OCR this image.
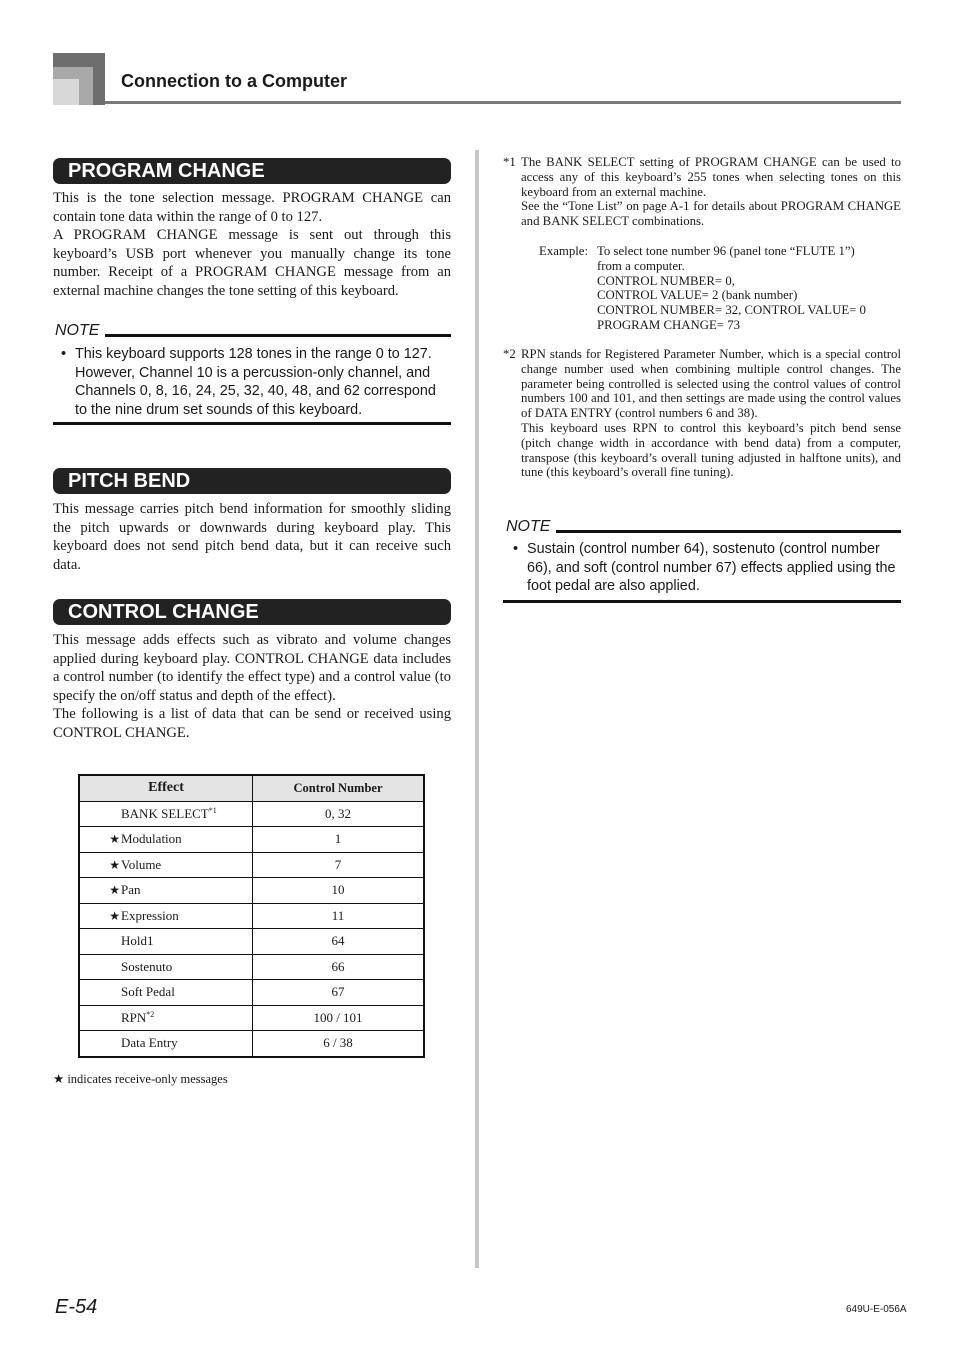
Connection to a Computer
PROGRAM CHANGE

This is the tone selection message. PROGRAM CHANGE can contain tone data within the range of 0 to 127.

A PROGRAM CHANGE message is sent out through this keyboard’s USB port whenever you manually change its tone number. Receipt of a PROGRAM CHANGE message from an external machine changes the tone setting of this keyboard.

NOTE
• This keyboard supports 128 tones in the range 0 to 127. However, Channel 10 is a percussion-only channel, and Channels 0, 8, 16, 24, 25, 32, 40, 48, and 62 correspond to the nine drum set sounds of this keyboard.
PITCH BEND

This message carries pitch bend information for smoothly sliding the pitch upwards or downwards during keyboard play. This keyboard does not send pitch bend data, but it can receive such data.

CONTROL CHANGE

This message adds effects such as vibrato and volume changes applied during keyboard play. CONTROL CHANGE data includes a control number (to identify the effect type) and a control value (to specify the on/off status and depth of the effect).

The following is a list of data that can be send or received using CONTROL CHANGE.

Effect	Control Number
BANK SELECT$^{*1}$	0, 32
★Modulation	1
★Volume	7
★Pan	10
★Expression	11
Hold1	64
Sostenuto	66
Soft Pedal	67
RPN$^{*2}$	100 / 101
Data Entry	6 / 38
★ indicates receive-only messages
*1 The BANK SELECT setting of PROGRAM CHANGE can be used to access any of this keyboard’s 255 tones when selecting tones on this keyboard from an external machine.

See the “Tone List” on page A-1 for details about PROGRAM CHANGE and BANK SELECT combinations.

Example: To select tone number 96 (panel tone “FLUTE 1”)
from a computer.
CONTROL NUMBER= 0,
CONTROL VALUE= 2 (bank number)
CONTROL NUMBER= 32, CONTROL VALUE= 0
PROGRAM CHANGE= 73
*2 RPN stands for Registered Parameter Number, which is a special control change number used when combining multiple control changes. The parameter being controlled is selected using the control values of control numbers 100 and 101, and then settings are made using the control values of DATA ENTRY (control numbers 6 and 38).

This keyboard uses RPN to control this keyboard’s pitch bend sense (pitch change width in accordance with bend data) from a computer, transpose (this keyboard’s overall tuning adjusted in halftone units), and tune (this keyboard’s overall fine tuning).

NOTE
• Sustain (control number 64), sostenuto (control number 66), and soft (control number 67) effects applied using the foot pedal are also applied.
E-54	649U-E-056A
